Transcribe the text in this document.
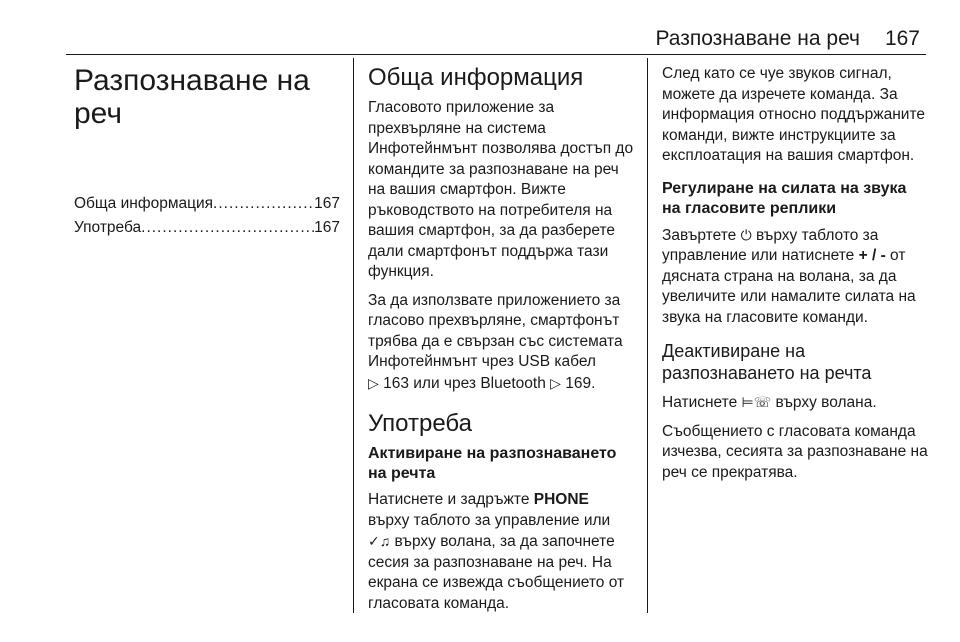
Разпознаване на реч 167
Разпознаване на реч
Обща информация .....	167
Употреба .....	167
Обща информация

Гласовото приложение за прехвърляне на система Инфотейнмънт позволява достъп до командите за разпознаване на реч на вашия смартфон. Вижте ръководството на потребителя на вашия смартфон, за да разберете дали смартфонът поддържа тази функция.

За да използвате приложението за гласово прехвърляне, смартфонът трябва да е свързан със системата Инфотейнмънт чрез USB кабел
▷ 163 или чрез Bluetooth ▷ 169.

Употреба
Активиране на разпознаването на речта

Натиснете и задръжте PHONE върху таблото за управление или
✓♫ върху волана, за да започнете сесия за разпознаване на реч. На екрана се извежда съобщението от гласовата команда.

След като се чуе звуков сигнал, можете да изречете команда. За информация относно поддържаните команди, вижте инструкциите за експлоатация на вашия смартфон.

Регулиране на силата на звука на гласовите реплики

Завъртете ⏻ върху таблото за управление или натиснете + / - от дясната страна на волана, за да увеличите или намалите силата на звука на гласовите команди.

Деактивиране на разпознаването на речта

Натиснете ⊨☏ върху волана.

Съобщението с гласовата команда изчезва, сесията за разпознаване на реч се прекратява.
